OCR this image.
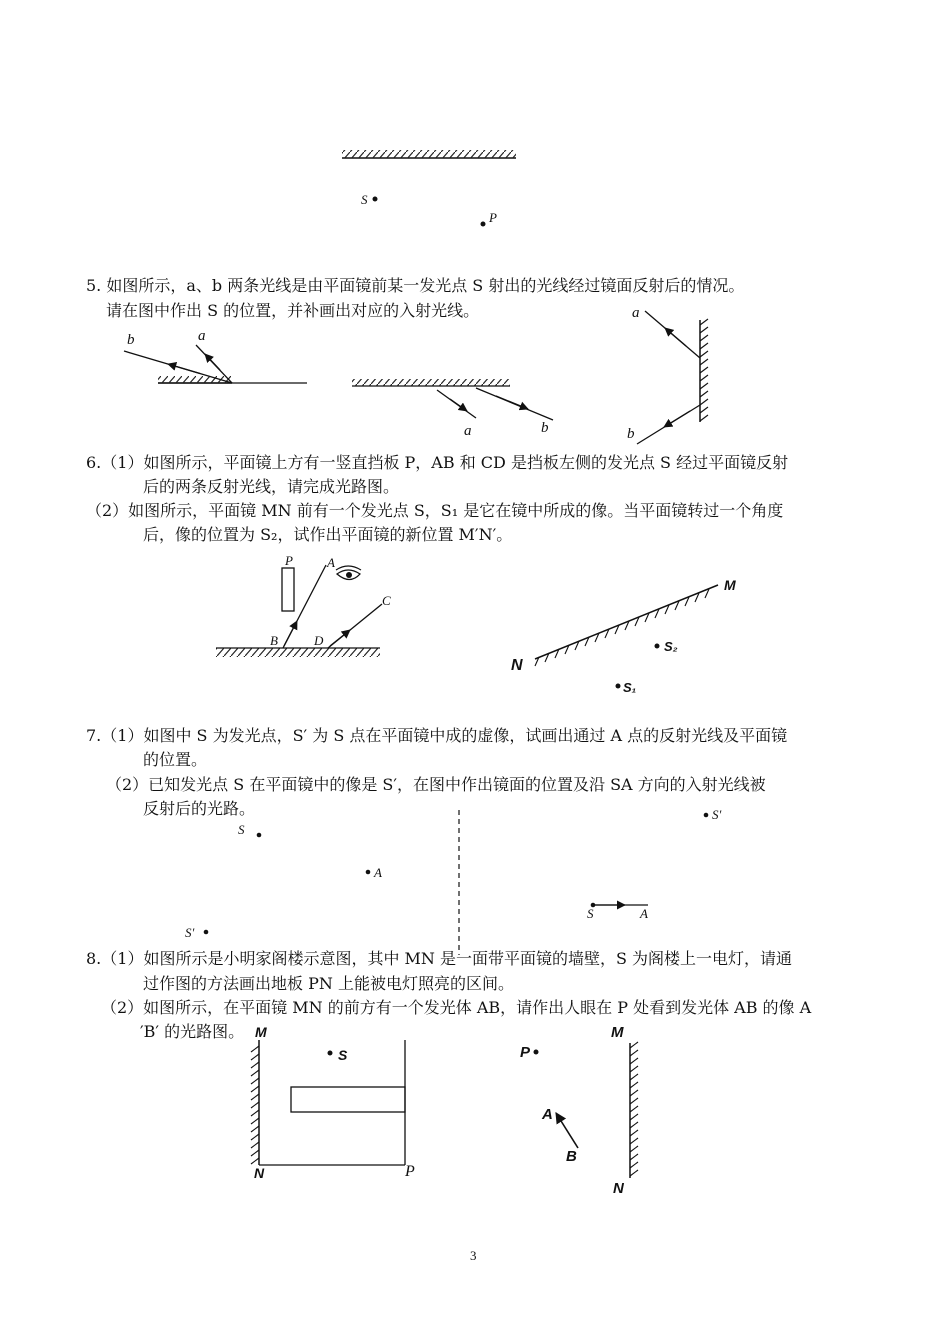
S
P
5. 如图所示，a、b 两条光线是由平面镜前某一发光点 S 射出的光线经过镜面反射后的情况。
请在图中作出 S 的位置，并补画出对应的入射光线。
b	a
a	b
a
b
6.（1）如图所示，平面镜上方有一竖直挡板 P，AB 和 CD 是挡板左侧的发光点 S 经过平面镜反射
后的两条反射光线，请完成光路图。
（2）如图所示，平面镜 MN 前有一个发光点 S，S₁ 是它在镜中所成的像。当平面镜转过一个角度
后，像的位置为 S₂，试作出平面镜的新位置 M′N′。
P	A
C
B	D
M
N
S₂
S₁
7.（1）如图中 S 为发光点，S′ 为 S 点在平面镜中成的虚像，试画出通过 A 点的反射光线及平面镜
的位置。
（2）已知发光点 S 在平面镜中的像是 S′，在图中作出镜面的位置及沿 SA 方向的入射光线被
反射后的光路。
S
A
S′
S′
S	A
8.（1）如图所示是小明家阁楼示意图，其中 MN 是一面带平面镜的墙壁，S 为阁楼上一电灯，请通
过作图的方法画出地板 PN 上能被电灯照亮的区间。
（2）如图所示，在平面镜 MN 的前方有一个发光体 AB，请作出人眼在 P 处看到发光体 AB 的像 A
′B′ 的光路图。 M
S
N	P
P
M
A
B
N
3
